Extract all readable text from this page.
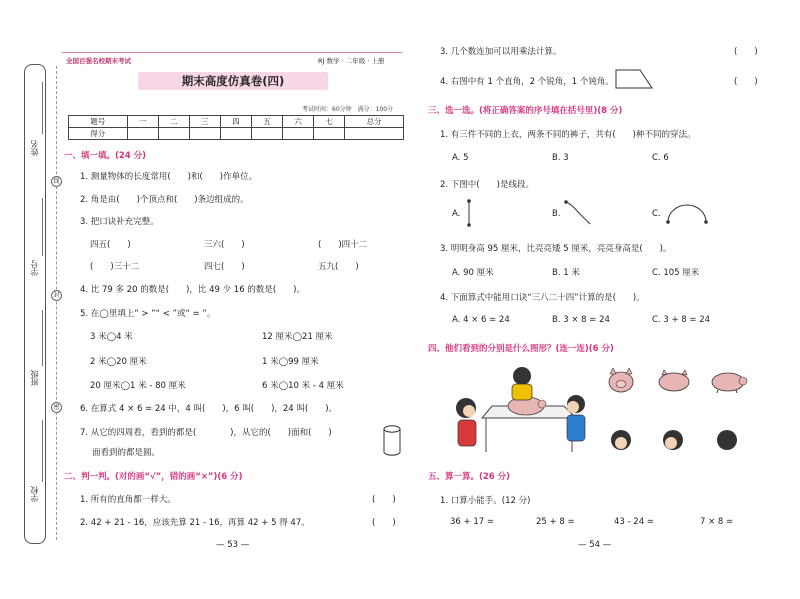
姓名
学号
班级
学校
线
封
密
全国百强名校期末考试	RJ 数学 · 二年级 · 上册
期末高度仿真卷(四)
考试时间：60分钟　满分：100分
题号	一	二	三	四	五	六	七	总分
得分								
一、填一填。(24 分)
1. 测量物体的长度常用(　　)和(　　)作单位。
2. 角是由(　　)个顶点和(　　)条边组成的。
3. 把口诀补充完整。
四五(　　)	三六(　　)	(　　)四十二
(　　)三十二	四七(　　)	五九(　　)
4. 比 79 多 20 的数是(　　)，比 49 少 16 的数是(　　)。
5. 在◯里填上“ > ”“ < ”或“ = ”。
3 米◯4 米	12 厘米◯21 厘米
2 米◯20 厘米	1 米◯99 厘米
20 厘米◯1 米 - 80 厘米	6 米◯10 米 - 4 厘米
6. 在算式 4 × 6 = 24 中，4 叫(　　)，6 叫(　　)，24 叫(　　)。
7. 从它的四周看，看到的都是(　　　　)，从它的(　　)面和(　　)
面看到的都是圆。
二、判一判。(对的画“√”，错的画“×”)(6 分)
1. 所有的直角都一样大。	(　　)
2. 42 + 21 - 16，应该先算 21 - 16，再算 42 + 5 得 47。	(　　)
— 53 —
3. 几个数连加可以用乘法计算。	(　　)
4. 右图中有 1 个直角，2 个锐角，1 个钝角。	(　　)
三、选一选。(将正确答案的序号填在括号里)(8 分)
1. 有三件不同的上衣，两条不同的裤子，共有(　　)种不同的穿法。
A. 5	B. 3	C. 6
2. 下图中(　　)是线段。
A.	B.	C.
3. 明明身高 95 厘米，比亮亮矮 5 厘米，亮亮身高是(　　)。
A. 90 厘米	B. 1 米	C. 105 厘米
4. 下面算式中能用口诀“三八二十四”计算的是(　　)。
A. 4 × 6 = 24	B. 3 × 8 = 24	C. 3 + 8 = 24
四、他们看到的分别是什么图形？(连一连)(6 分)
五、算一算。(26 分)
1. 口算小能手。(12 分)
36 + 17 =	25 + 8 =	43 - 24 =	7 × 8 =
— 54 —
